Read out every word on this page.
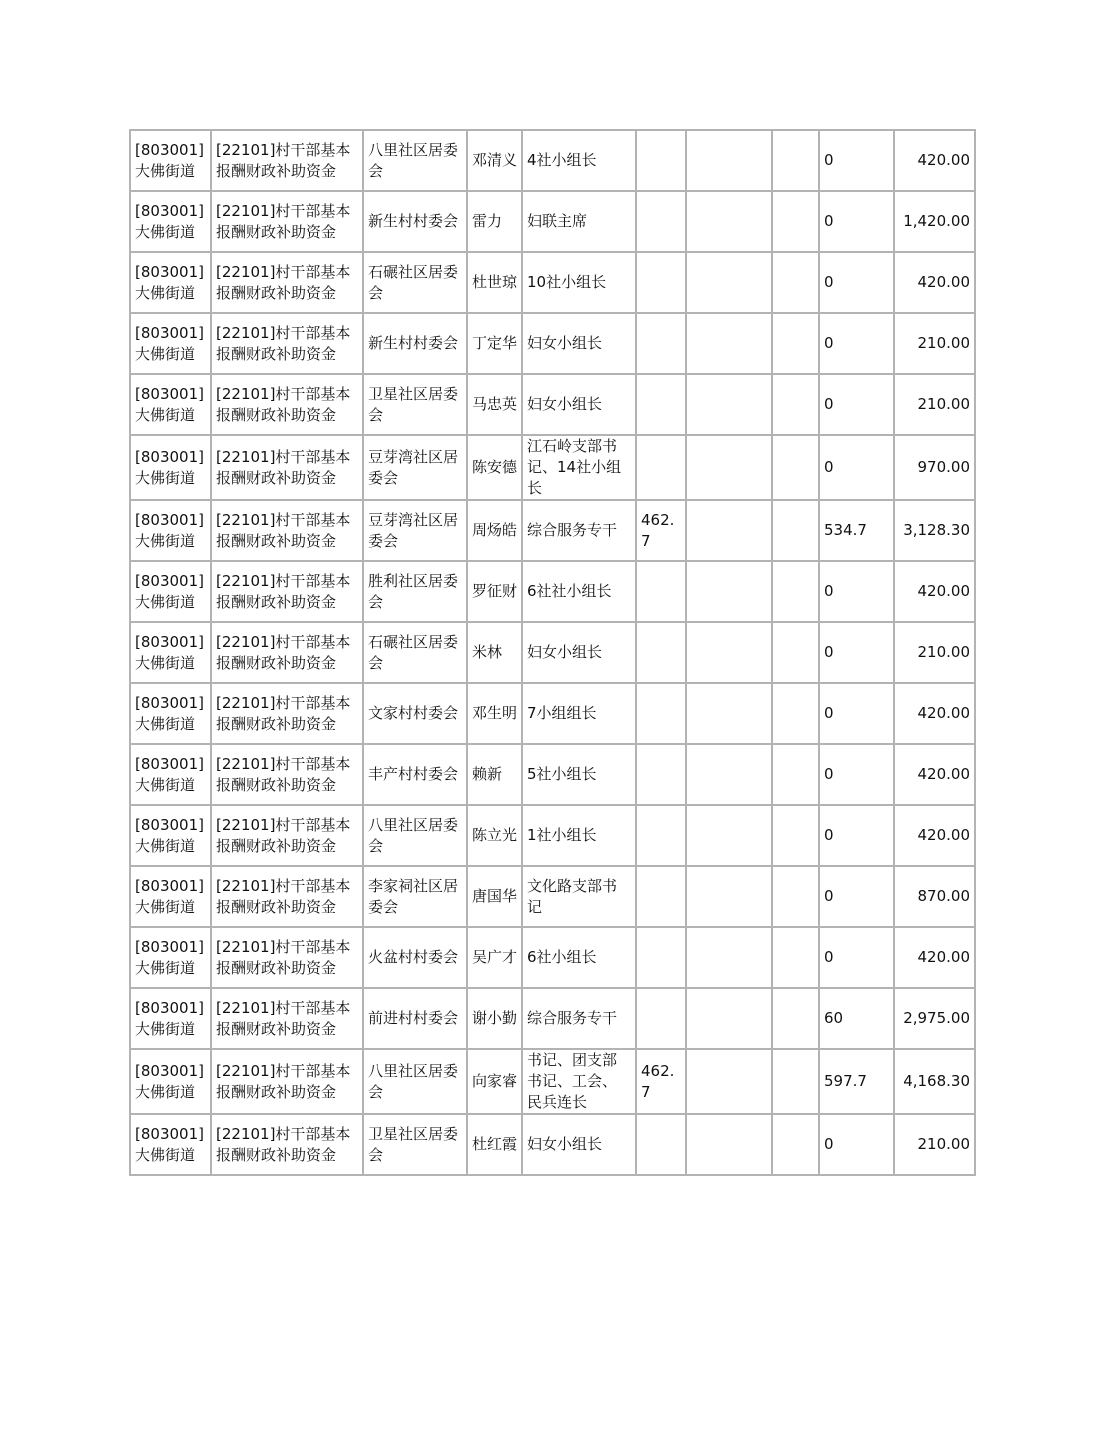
[803001]大佛街道	[22101]村干部基本报酬财政补助资金	八里社区居委会	邓清义	4社小组长				0	420.00
[803001]大佛街道	[22101]村干部基本报酬财政补助资金	新生村村委会	雷力	妇联主席				0	1,420.00
[803001]大佛街道	[22101]村干部基本报酬财政补助资金	石碾社区居委会	杜世琼	10社小组长				0	420.00
[803001]大佛街道	[22101]村干部基本报酬财政补助资金	新生村村委会	丁定华	妇女小组长				0	210.00
[803001]大佛街道	[22101]村干部基本报酬财政补助资金	卫星社区居委会	马忠英	妇女小组长				0	210.00
[803001]大佛街道	[22101]村干部基本报酬财政补助资金	豆芽湾社区居委会	陈安德	江石岭支部书记、14社小组长				0	970.00
[803001]大佛街道	[22101]村干部基本报酬财政补助资金	豆芽湾社区居委会	周炀皓	综合服务专干	462.7			534.7	3,128.30
[803001]大佛街道	[22101]村干部基本报酬财政补助资金	胜利社区居委会	罗征财	6社社小组长				0	420.00
[803001]大佛街道	[22101]村干部基本报酬财政补助资金	石碾社区居委会	米林	妇女小组长				0	210.00
[803001]大佛街道	[22101]村干部基本报酬财政补助资金	文家村村委会	邓生明	7小组组长				0	420.00
[803001]大佛街道	[22101]村干部基本报酬财政补助资金	丰产村村委会	赖新	5社小组长				0	420.00
[803001]大佛街道	[22101]村干部基本报酬财政补助资金	八里社区居委会	陈立光	1社小组长				0	420.00
[803001]大佛街道	[22101]村干部基本报酬财政补助资金	李家祠社区居委会	唐国华	文化路支部书记				0	870.00
[803001]大佛街道	[22101]村干部基本报酬财政补助资金	火盆村村委会	吴广才	6社小组长				0	420.00
[803001]大佛街道	[22101]村干部基本报酬财政补助资金	前进村村委会	谢小勤	综合服务专干				60	2,975.00
[803001]大佛街道	[22101]村干部基本报酬财政补助资金	八里社区居委会	向家睿	书记、团支部书记、工会、民兵连长	462.7			597.7	4,168.30
[803001]大佛街道	[22101]村干部基本报酬财政补助资金	卫星社区居委会	杜红霞	妇女小组长				0	210.00
